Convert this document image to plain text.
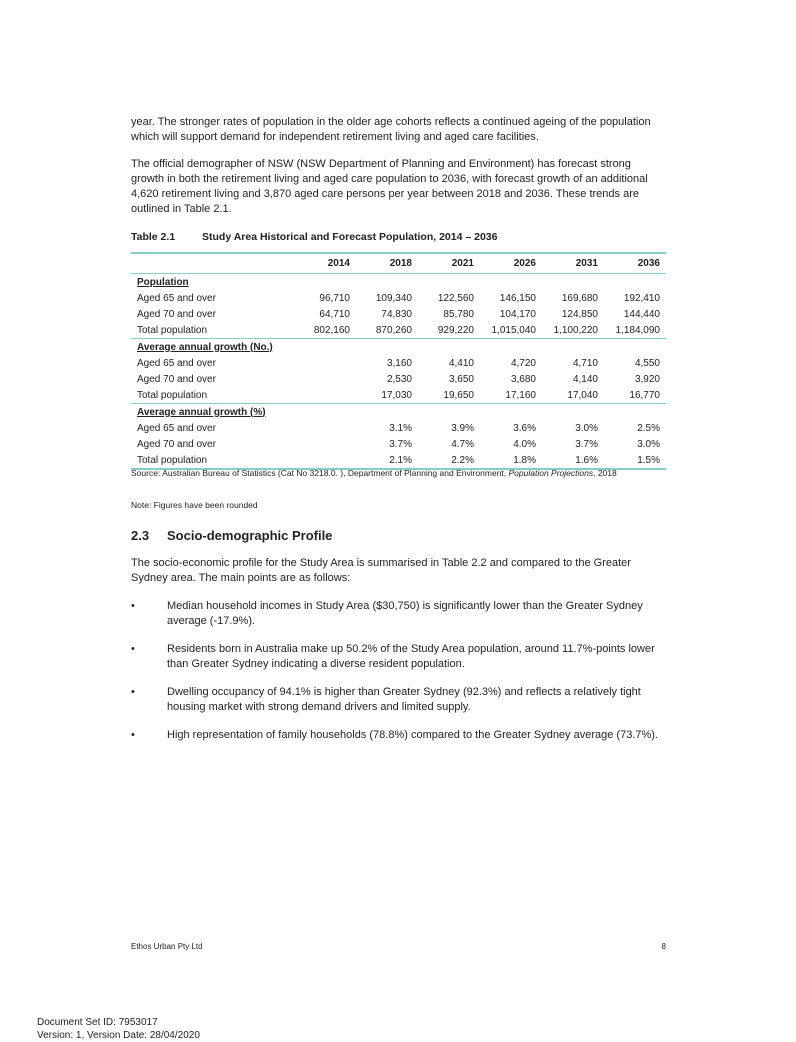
year. The stronger rates of population in the older age cohorts reflects a continued ageing of the population which will support demand for independent retirement living and aged care facilities.

The official demographer of NSW (NSW Department of Planning and Environment) has forecast strong growth in both the retirement living and aged care population to 2036, with forecast growth of an additional 4,620 retirement living and 3,870 aged care persons per year between 2018 and 2036. These trends are outlined in Table 2.1.

Table 2.1	Study Area Historical and Forecast Population, 2014 – 2036
	2014	2018	2021	2026	2031	2036
Population						
Aged 65 and over	96,710	109,340	122,560	146,150	169,680	192,410
Aged 70 and over	64,710	74,830	85,780	104,170	124,850	144,440
Total population	802,160	870,260	929,220	1,015,040	1,100,220	1,184,090
Average annual growth (No.)						
Aged 65 and over		3,160	4,410	4,720	4,710	4,550
Aged 70 and over		2,530	3,650	3,680	4,140	3,920
Total population		17,030	19,650	17,160	17,040	16,770
Average annual growth (%)						
Aged 65 and over		3.1%	3.9%	3.6%	3.0%	2.5%
Aged 70 and over		3.7%	4.7%	4.0%	3.7%	3.0%
Total population		2.1%	2.2%	1.8%	1.6%	1.5%
Source: Australian Bureau of Statistics (Cat No 3218.0. ), Department of Planning and Environment, Population Projections, 2018
Note: Figures have been rounded
2.3 Socio-demographic Profile

The socio-economic profile for the Study Area is summarised in Table 2.2 and compared to the Greater Sydney area. The main points are as follows:

•	Median household incomes in Study Area ($30,750) is significantly lower than the Greater Sydney average (-17.9%).
•	Residents born in Australia make up 50.2% of the Study Area population, around 11.7%-points lower than Greater Sydney indicating a diverse resident population.
•	Dwelling occupancy of 94.1% is higher than Greater Sydney (92.3%) and reflects a relatively tight housing market with strong demand drivers and limited supply.
•	High representation of family households (78.8%) compared to the Greater Sydney average (73.7%).
Ethos Urban Pty Ltd	8
Document Set ID: 7953017
Version: 1, Version Date: 28/04/2020
